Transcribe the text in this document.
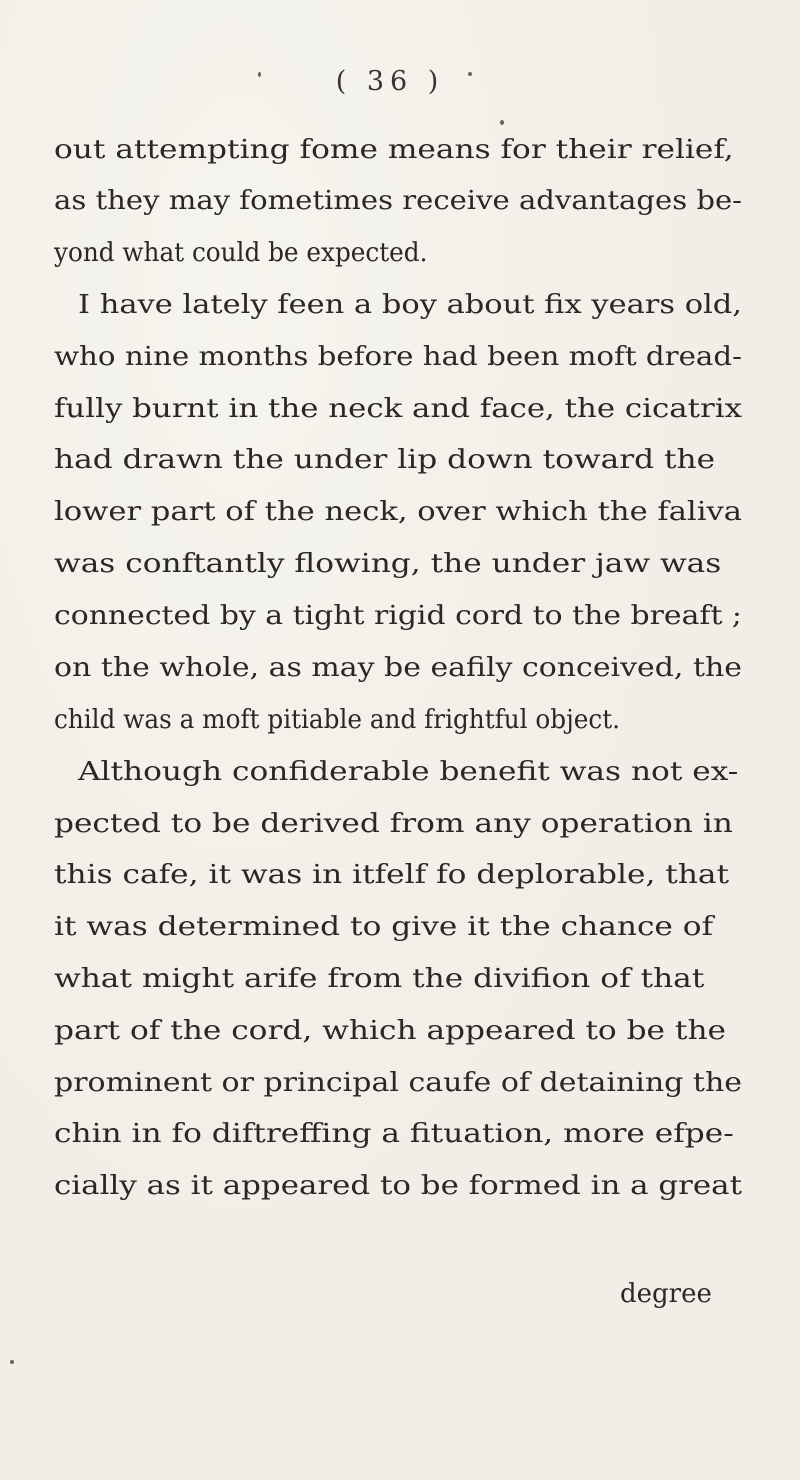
( 36 )
out attempting fome means for their relief,
as they may fometimes receive advantages be-
yond what could be expected.
I have lately feen a boy about fix years old,
who nine months before had been moft dread-
fully burnt in the neck and face, the cicatrix
had drawn the under lip down toward the
lower part of the neck, over which the faliva
was conftantly flowing, the under jaw was
connected by a tight rigid cord to the breaft ;
on the whole, as may be eafily conceived, the
child was a moft pitiable and frightful object.
Although confiderable benefit was not ex-
pected to be derived from any operation in
this cafe, it was in itfelf fo deplorable, that
it was determined to give it the chance of
what might arife from the divifion of that
part of the cord, which appeared to be the
prominent or principal caufe of detaining the
chin in fo diftreffing a fituation, more efpe-
cially as it appeared to be formed in a great
degree
